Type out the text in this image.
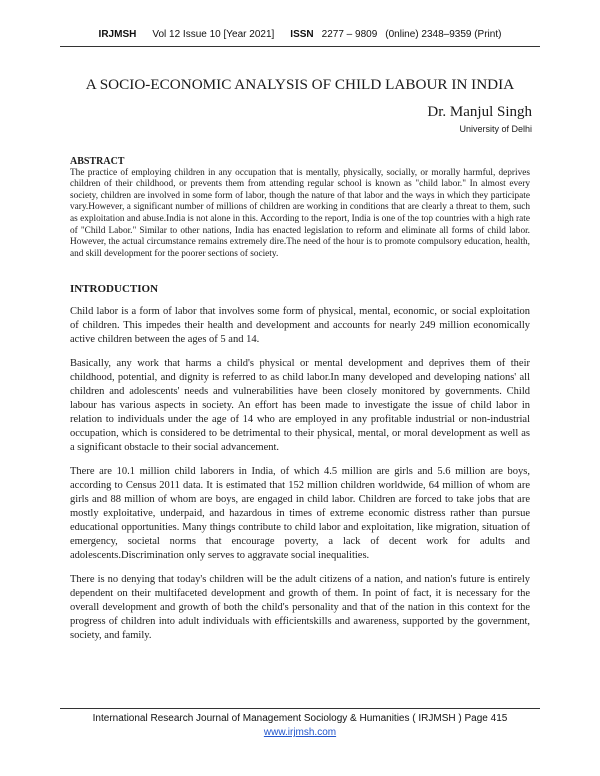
IRJMSH Vol 12 Issue 10 [Year 2021] ISSN 2277 – 9809 (0nline) 2348–9359 (Print)
A SOCIO-ECONOMIC ANALYSIS OF CHILD LABOUR IN INDIA
Dr. Manjul Singh
University of Delhi
ABSTRACT

The practice of employing children in any occupation that is mentally, physically, socially, or morally harmful, deprives children of their childhood, or prevents them from attending regular school is known as "child labor." In almost every society, children are involved in some form of labor, though the nature of that labor and the ways in which they participate vary.However, a significant number of millions of children are working in conditions that are clearly a threat to them, such as exploitation and abuse.India is not alone in this. According to the report, India is one of the top countries with a high rate of "Child Labor." Similar to other nations, India has enacted legislation to reform and eliminate all forms of child labor. However, the actual circumstance remains extremely dire.The need of the hour is to promote compulsory education, health, and skill development for the poorer sections of society.

INTRODUCTION

Child labor is a form of labor that involves some form of physical, mental, economic, or social exploitation of children. This impedes their health and development and accounts for nearly 249 million economically active children between the ages of 5 and 14.

Basically, any work that harms a child's physical or mental development and deprives them of their childhood, potential, and dignity is referred to as child labor.In many developed and developing nations' all children and adolescents' needs and vulnerabilities have been closely monitored by governments. Child labour has various aspects in society. An effort has been made to investigate the issue of child labor in relation to individuals under the age of 14 who are employed in any profitable industrial or non-industrial occupation, which is considered to be detrimental to their physical, mental, or moral development as well as a significant obstacle to their social advancement.

There are 10.1 million child laborers in India, of which 4.5 million are girls and 5.6 million are boys, according to Census 2011 data. It is estimated that 152 million children worldwide, 64 million of whom are girls and 88 million of whom are boys, are engaged in child labor. Children are forced to take jobs that are mostly exploitative, underpaid, and hazardous in times of extreme economic distress rather than pursue educational opportunities. Many things contribute to child labor and exploitation, like migration, situation of emergency, societal norms that encourage poverty, a lack of decent work for adults and adolescents.Discrimination only serves to aggravate social inequalities.

There is no denying that today's children will be the adult citizens of a nation, and nation's future is entirely dependent on their multifaceted development and growth of them. In point of fact, it is necessary for the overall development and growth of both the child's personality and that of the nation in this context for the progress of children into adult individuals with efficientskills and awareness, supported by the government, society, and family.

International Research Journal of Management Sociology & Humanities ( IRJMSH ) Page 415
www.irjmsh.com
